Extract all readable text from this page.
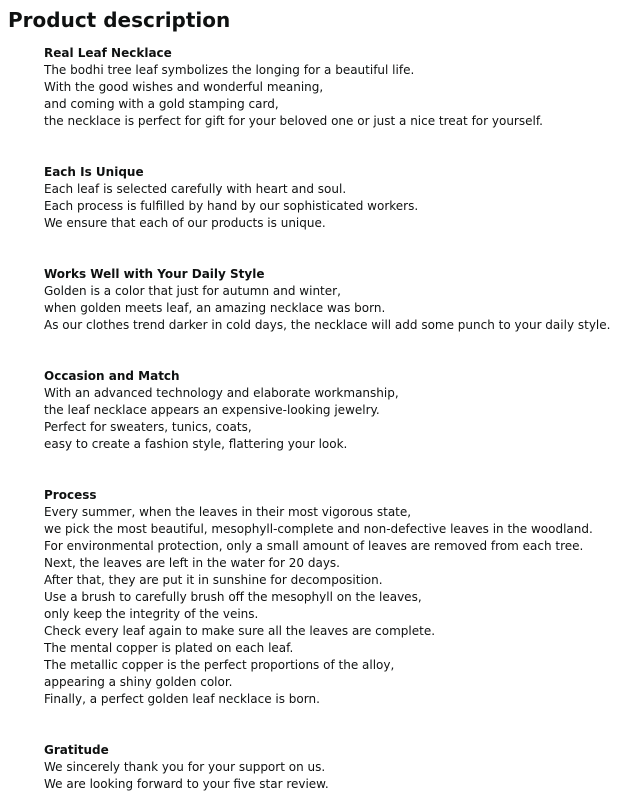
Product description

Real Leaf Necklace

The bodhi tree leaf symbolizes the longing for a beautiful life.

With the good wishes and wonderful meaning,

and coming with a gold stamping card,

the necklace is perfect for gift for your beloved one or just a nice treat for yourself.

Each Is Unique

Each leaf is selected carefully with heart and soul.

Each process is fulfilled by hand by our sophisticated workers.

We ensure that each of our products is unique.

Works Well with Your Daily Style

Golden is a color that just for autumn and winter,

when golden meets leaf, an amazing necklace was born.

As our clothes trend darker in cold days, the necklace will add some punch to your daily style.

Occasion and Match

With an advanced technology and elaborate workmanship,

the leaf necklace appears an expensive-looking jewelry.

Perfect for sweaters, tunics, coats,

easy to create a fashion style, flattering your look.

Process

Every summer, when the leaves in their most vigorous state,

we pick the most beautiful, mesophyll-complete and non-defective leaves in the woodland.

For environmental protection, only a small amount of leaves are removed from each tree.

Next, the leaves are left in the water for 20 days.

After that, they are put it in sunshine for decomposition.

Use a brush to carefully brush off the mesophyll on the leaves,

only keep the integrity of the veins.

Check every leaf again to make sure all the leaves are complete.

The mental copper is plated on each leaf.

The metallic copper is the perfect proportions of the alloy,

appearing a shiny golden color.

Finally, a perfect golden leaf necklace is born.

Gratitude

We sincerely thank you for your support on us.

We are looking forward to your five star review.
